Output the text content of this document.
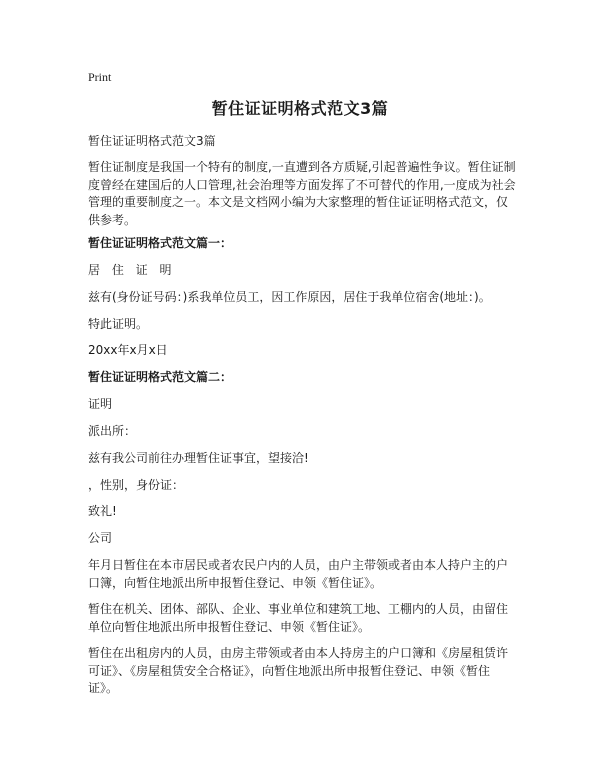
Print
暂住证证明格式范文3篇

暂住证证明格式范文3篇

暂住证制度是我国一个特有的制度,一直遭到各方质疑,引起普遍性争议。暂住证制度曾经在建国后的人口管理,社会治理等方面发挥了不可替代的作用,一度成为社会管理的重要制度之一。本文是文档网小编为大家整理的暂住证证明格式范文，仅供参考。

暂住证证明格式范文篇一：

居 住 证 明

兹有(身份证号码：)系我单位员工，因工作原因，居住于我单位宿舍(地址：)。

特此证明。

20xx年x月x日

暂住证证明格式范文篇二：

证明

派出所：

兹有我公司前往办理暂住证事宜，望接洽!

，性别，身份证：

致礼!

公司

年月日暂住在本市居民或者农民户内的人员，由户主带领或者由本人持户主的户口簿，向暂住地派出所申报暂住登记、申领《暂住证》。

暂住在机关、团体、部队、企业、事业单位和建筑工地、工棚内的人员，由留住单位向暂住地派出所申报暂住登记、申领《暂住证》。

暂住在出租房内的人员，由房主带领或者由本人持房主的户口簿和《房屋租赁许可证》、《房屋租赁安全合格证》，向暂住地派出所申报暂住登记、申领《暂住证》。
